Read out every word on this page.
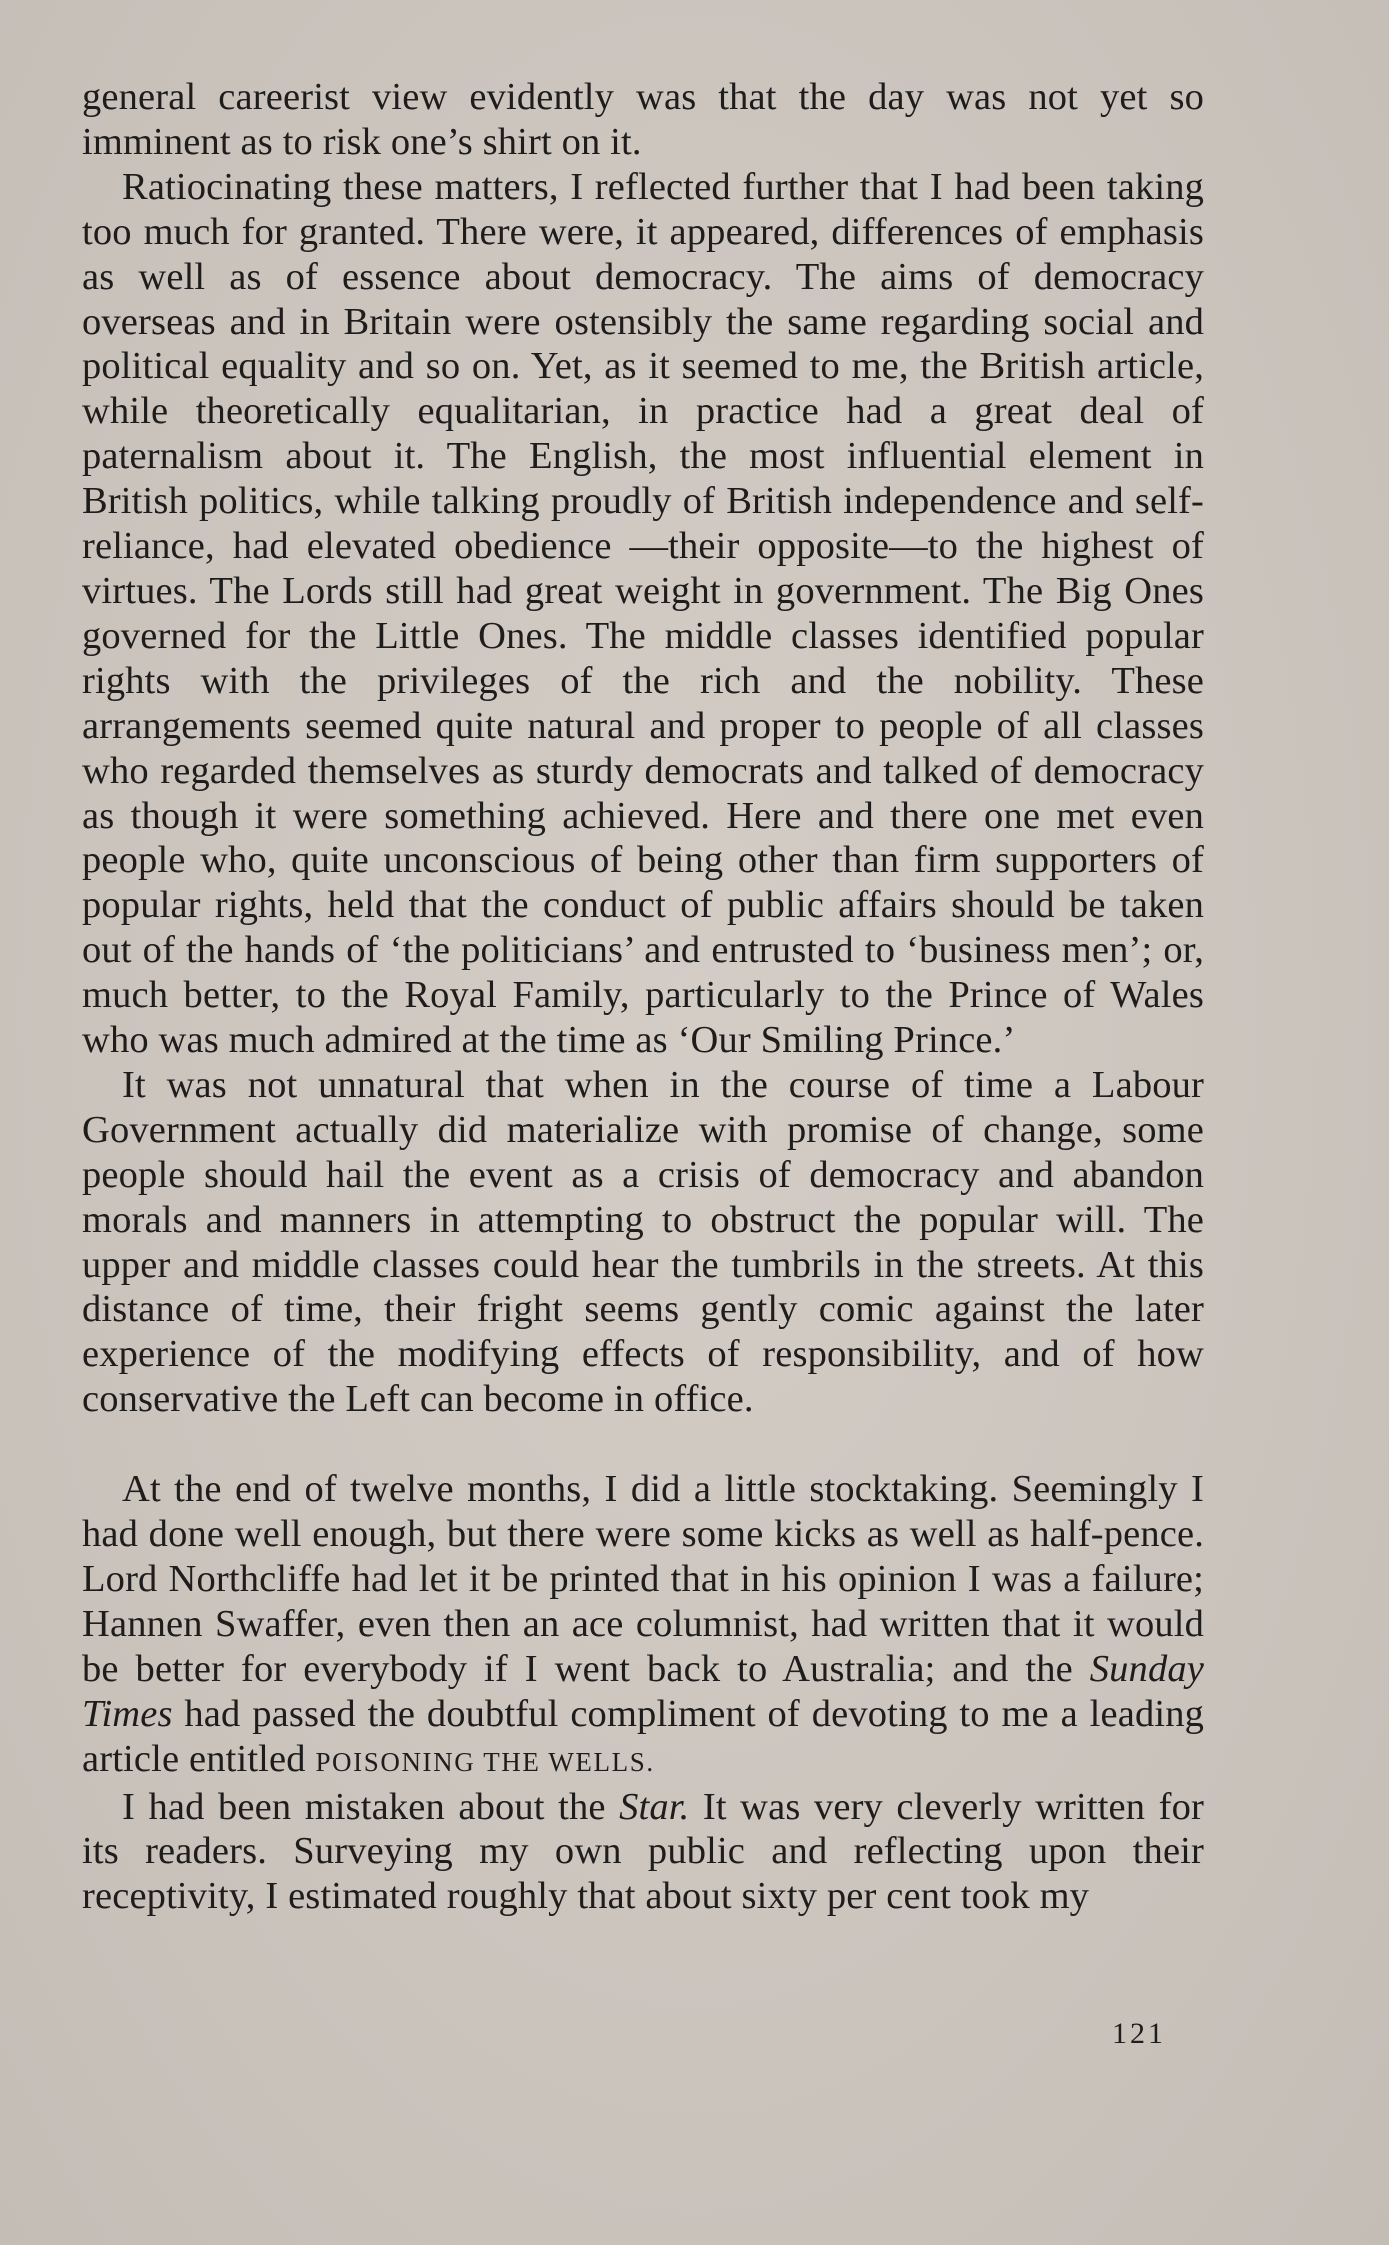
general careerist view evidently was that the day was not yet so imminent as to risk one’s shirt on it.

Ratiocinating these matters, I reflected further that I had been taking too much for granted. There were, it appeared, differences of emphasis as well as of essence about democracy. The aims of democracy overseas and in Britain were ostensibly the same regarding social and political equality and so on. Yet, as it seemed to me, the British article, while theoretically equalitarian, in practice had a great deal of paternalism about it. The English, the most influential element in British politics, while talking proudly of British independence and self-reliance, had elevated obedience —their opposite—to the highest of virtues. The Lords still had great weight in government. The Big Ones governed for the Little Ones. The middle classes identified popular rights with the privileges of the rich and the nobility. These arrangements seemed quite natural and proper to people of all classes who regarded themselves as sturdy democrats and talked of democracy as though it were something achieved. Here and there one met even people who, quite unconscious of being other than firm supporters of popular rights, held that the conduct of public affairs should be taken out of the hands of ‘the politicians’ and entrusted to ‘business men’; or, much better, to the Royal Family, particularly to the Prince of Wales who was much admired at the time as ‘Our Smiling Prince.’

It was not unnatural that when in the course of time a Labour Government actually did materialize with promise of change, some people should hail the event as a crisis of democracy and abandon morals and manners in attempting to obstruct the popular will. The upper and middle classes could hear the tumbrils in the streets. At this distance of time, their fright seems gently comic against the later experience of the modifying effects of responsibility, and of how conservative the Left can become in office.

At the end of twelve months, I did a little stocktaking. Seemingly I had done well enough, but there were some kicks as well as half-pence. Lord Northcliffe had let it be printed that in his opinion I was a failure; Hannen Swaffer, even then an ace columnist, had written that it would be better for everybody if I went back to Australia; and the Sunday Times had passed the doubtful compliment of devoting to me a leading article entitled POISONING THE WELLS.

I had been mistaken about the Star. It was very cleverly written for its readers. Surveying my own public and reflecting upon their receptivity, I estimated roughly that about sixty per cent took my

121
